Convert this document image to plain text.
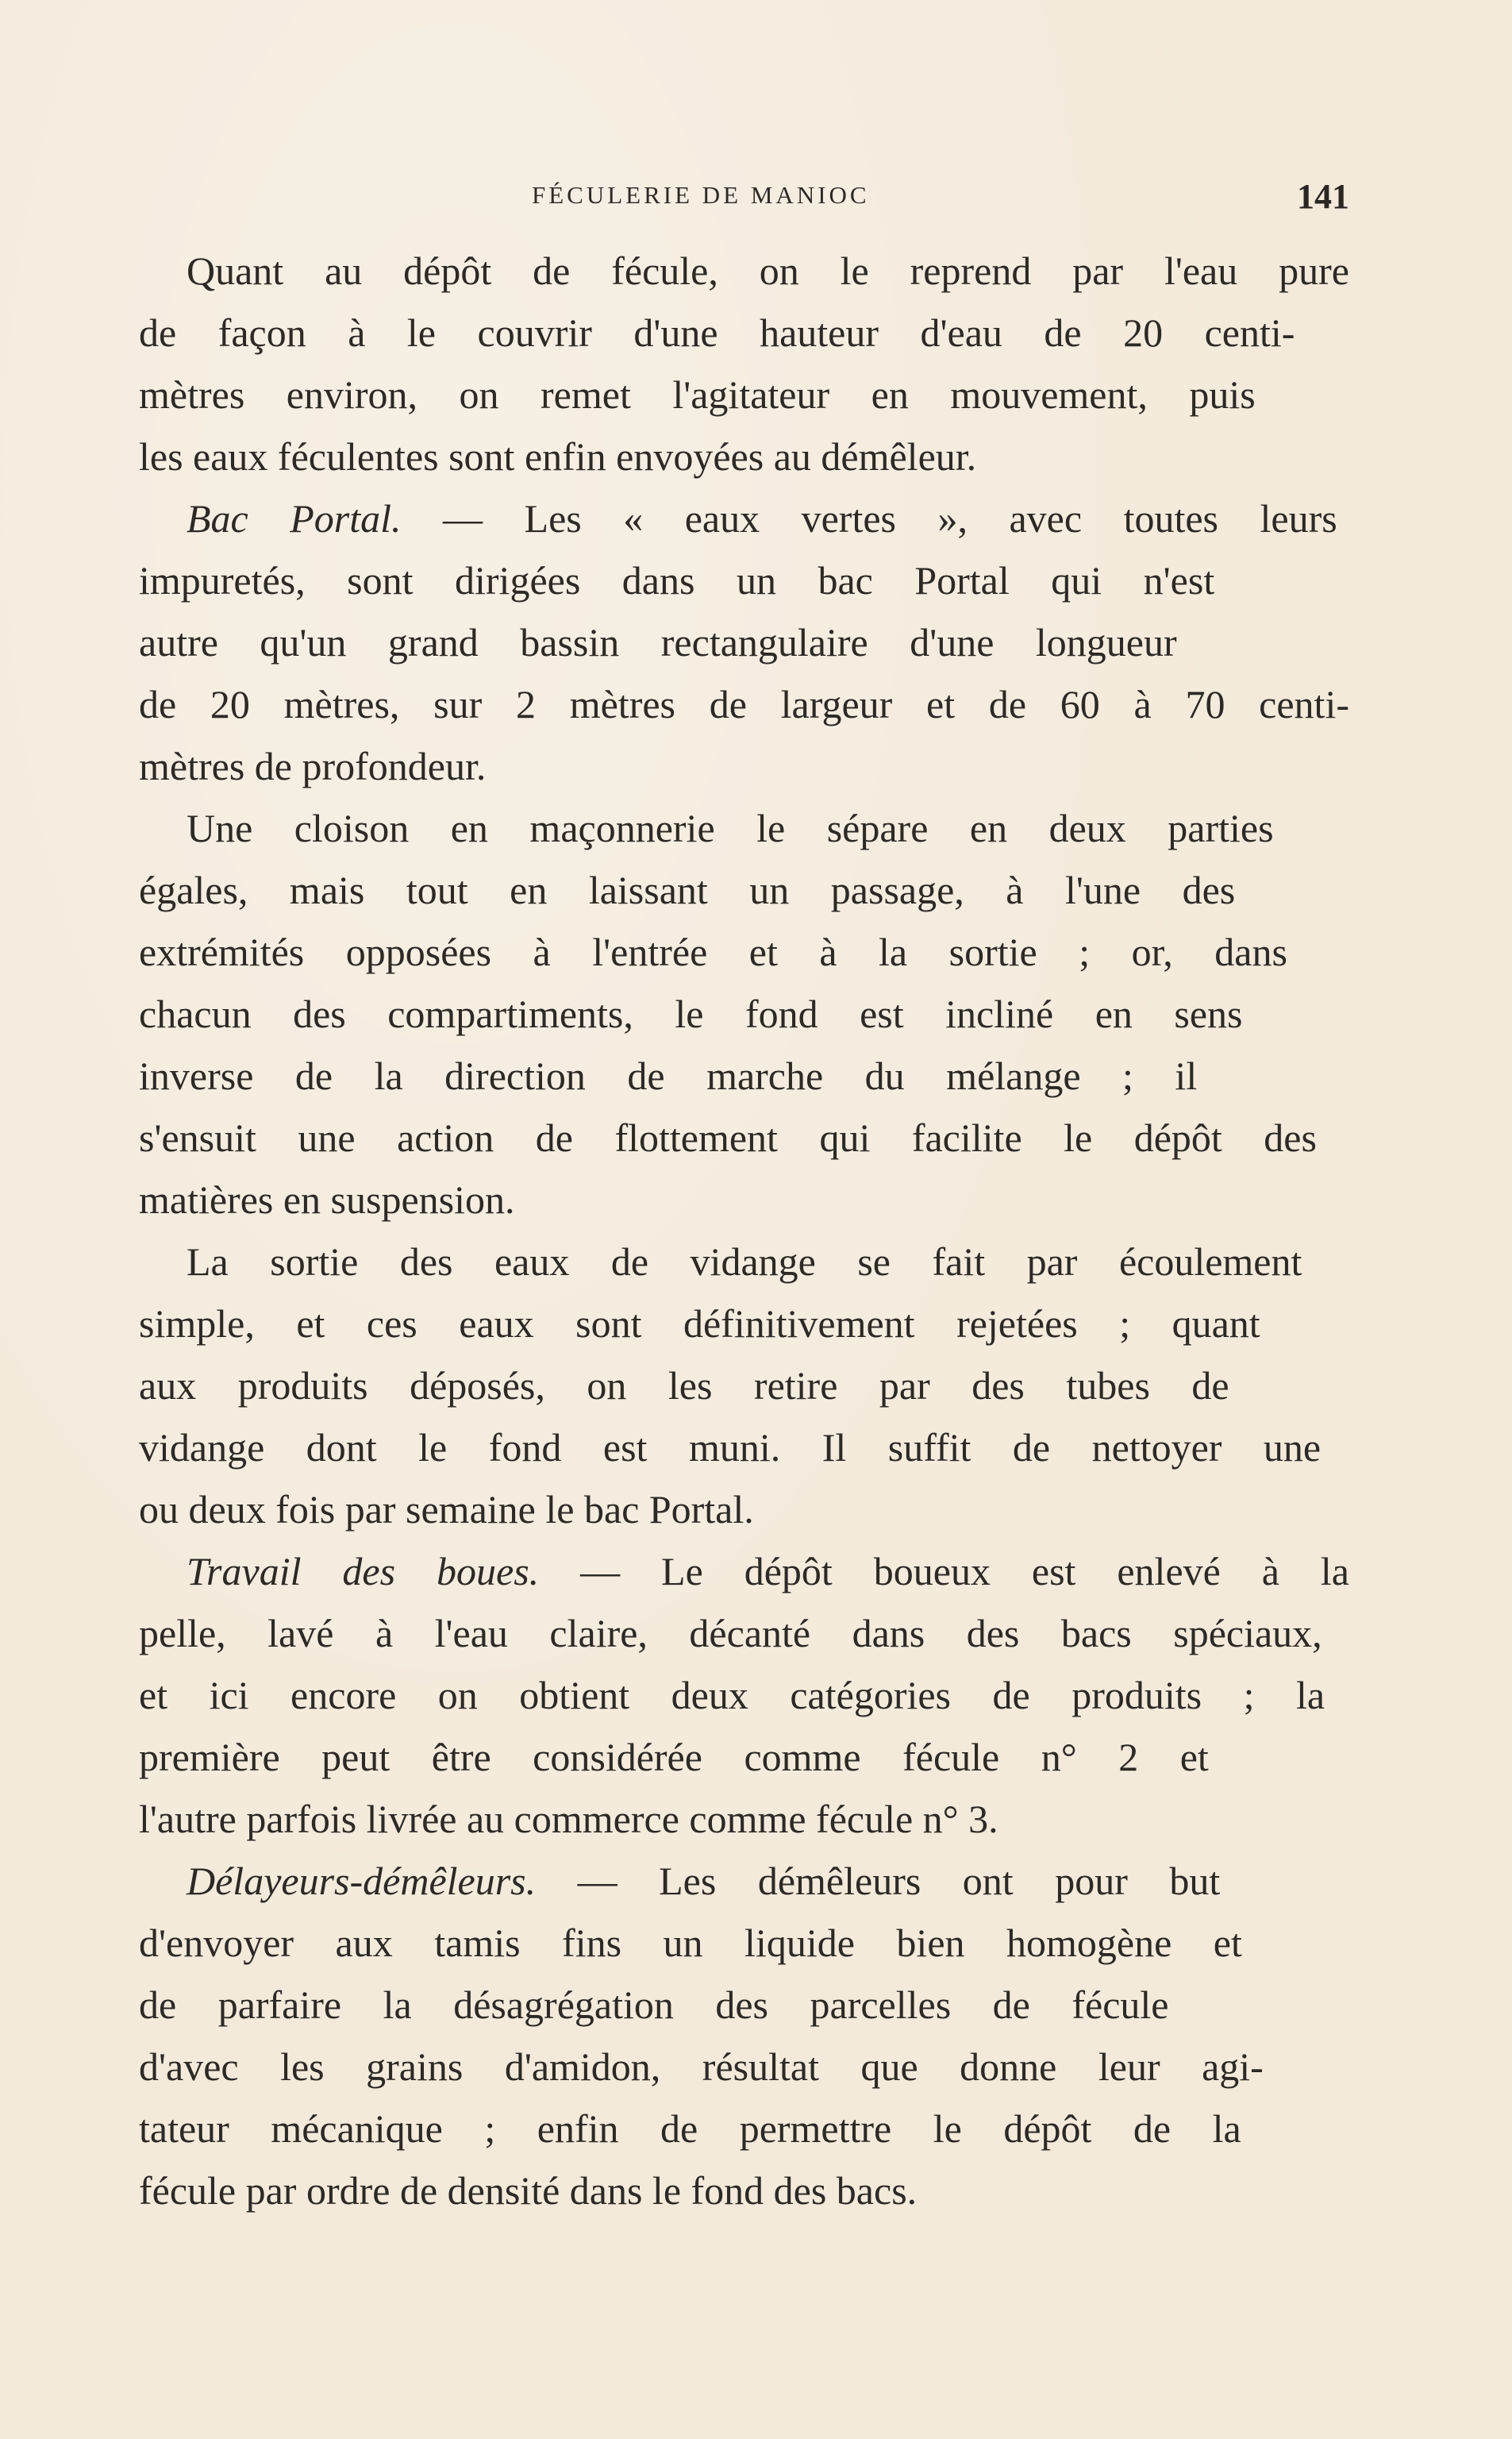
FÉCULERIE DE MANIOC	141
Quant au dépôt de fécule, on le reprend par l'eau pure
de façon à le couvrir d'une hauteur d'eau de 20 centi-
mètres environ, on remet l'agitateur en mouvement, puis
les eaux féculentes sont enfin envoyées au démêleur.
Bac Portal. — Les « eaux vertes », avec toutes leurs
impuretés, sont dirigées dans un bac Portal qui n'est
autre qu'un grand bassin rectangulaire d'une longueur
de 20 mètres, sur 2 mètres de largeur et de 60 à 70 centi-
mètres de profondeur.
Une cloison en maçonnerie le sépare en deux parties
égales, mais tout en laissant un passage, à l'une des
extrémités opposées à l'entrée et à la sortie ; or, dans
chacun des compartiments, le fond est incliné en sens
inverse de la direction de marche du mélange ; il
s'ensuit une action de flottement qui facilite le dépôt des
matières en suspension.
La sortie des eaux de vidange se fait par écoulement
simple, et ces eaux sont définitivement rejetées ; quant
aux produits déposés, on les retire par des tubes de
vidange dont le fond est muni. Il suffit de nettoyer une
ou deux fois par semaine le bac Portal.
Travail des boues. — Le dépôt boueux est enlevé à la
pelle, lavé à l'eau claire, décanté dans des bacs spéciaux,
et ici encore on obtient deux catégories de produits ; la
première peut être considérée comme fécule n° 2 et
l'autre parfois livrée au commerce comme fécule n° 3.
Délayeurs-démêleurs. — Les démêleurs ont pour but
d'envoyer aux tamis fins un liquide bien homogène et
de parfaire la désagrégation des parcelles de fécule
d'avec les grains d'amidon, résultat que donne leur agi-
tateur mécanique ; enfin de permettre le dépôt de la
fécule par ordre de densité dans le fond des bacs.
